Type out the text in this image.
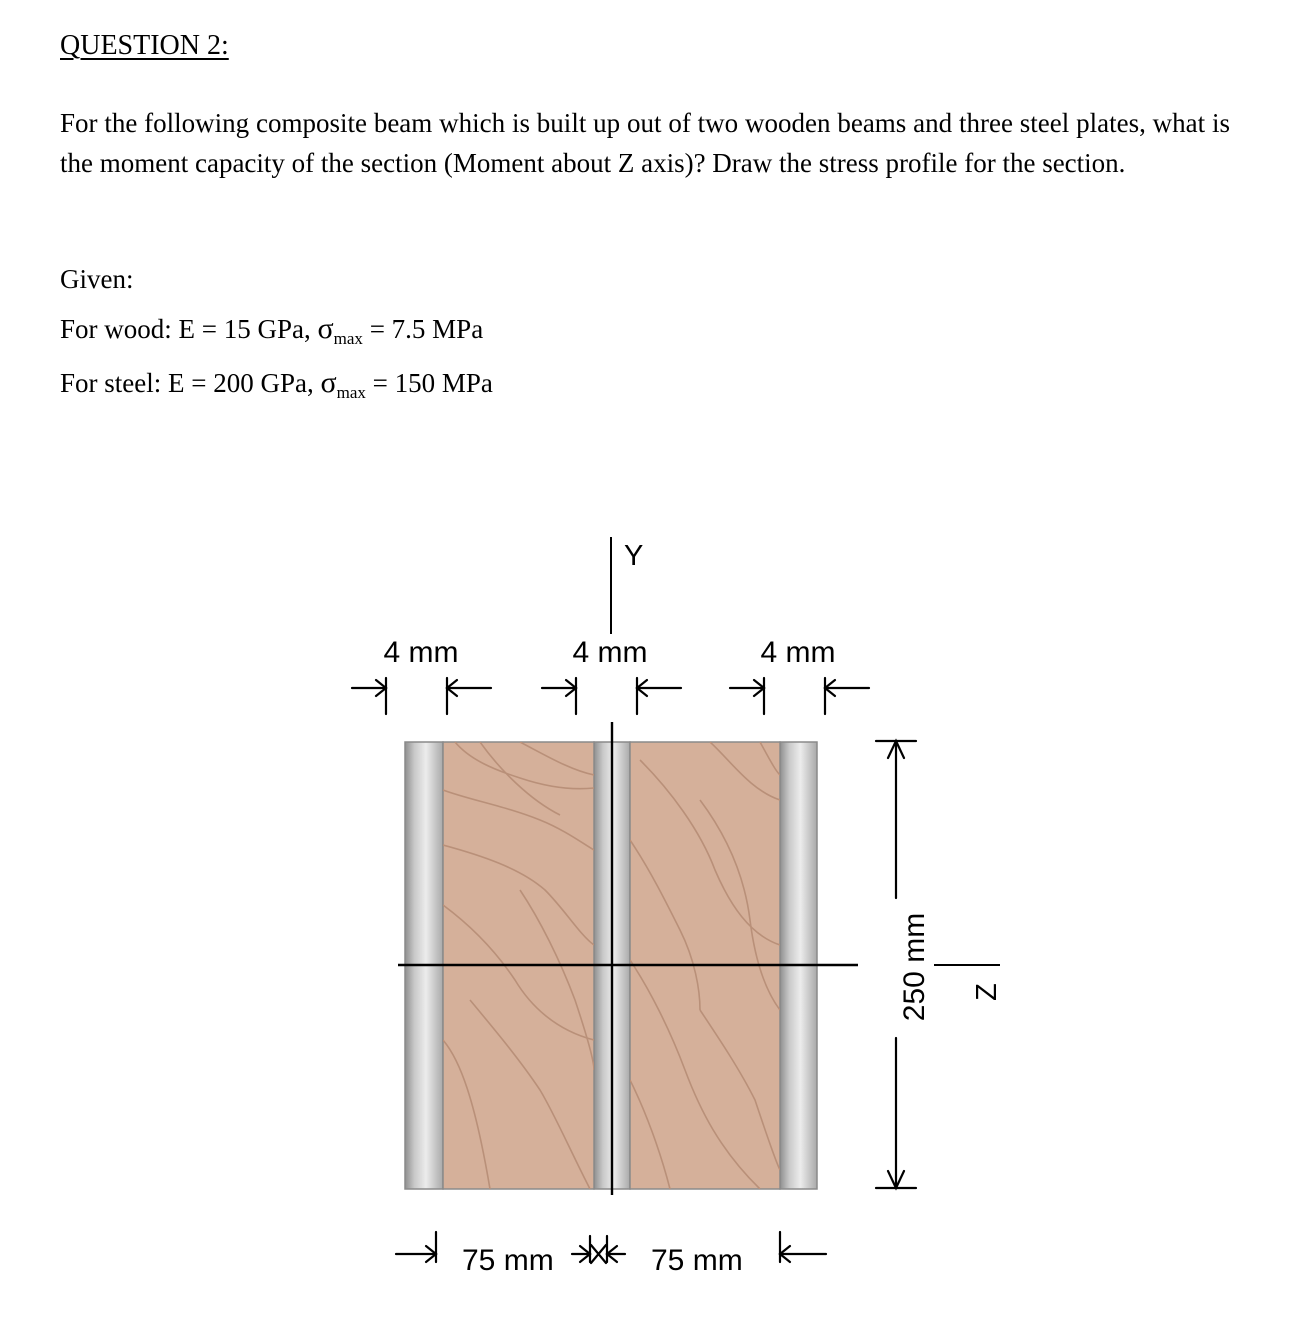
QUESTION 2:

For the following composite beam which is built up out of two wooden beams and three steel plates, what is the moment capacity of the section (Moment about Z axis)? Draw the stress profile for the section.

Given:
For wood: E = 15 GPa, $\sigma_{max} = 7.5$ MPa
For steel: E = 200 GPa, $\sigma_{max} = 150$ MPa
Y
4 mm	4 mm	4 mm
Z
250 mm
75 mm	75 mm
